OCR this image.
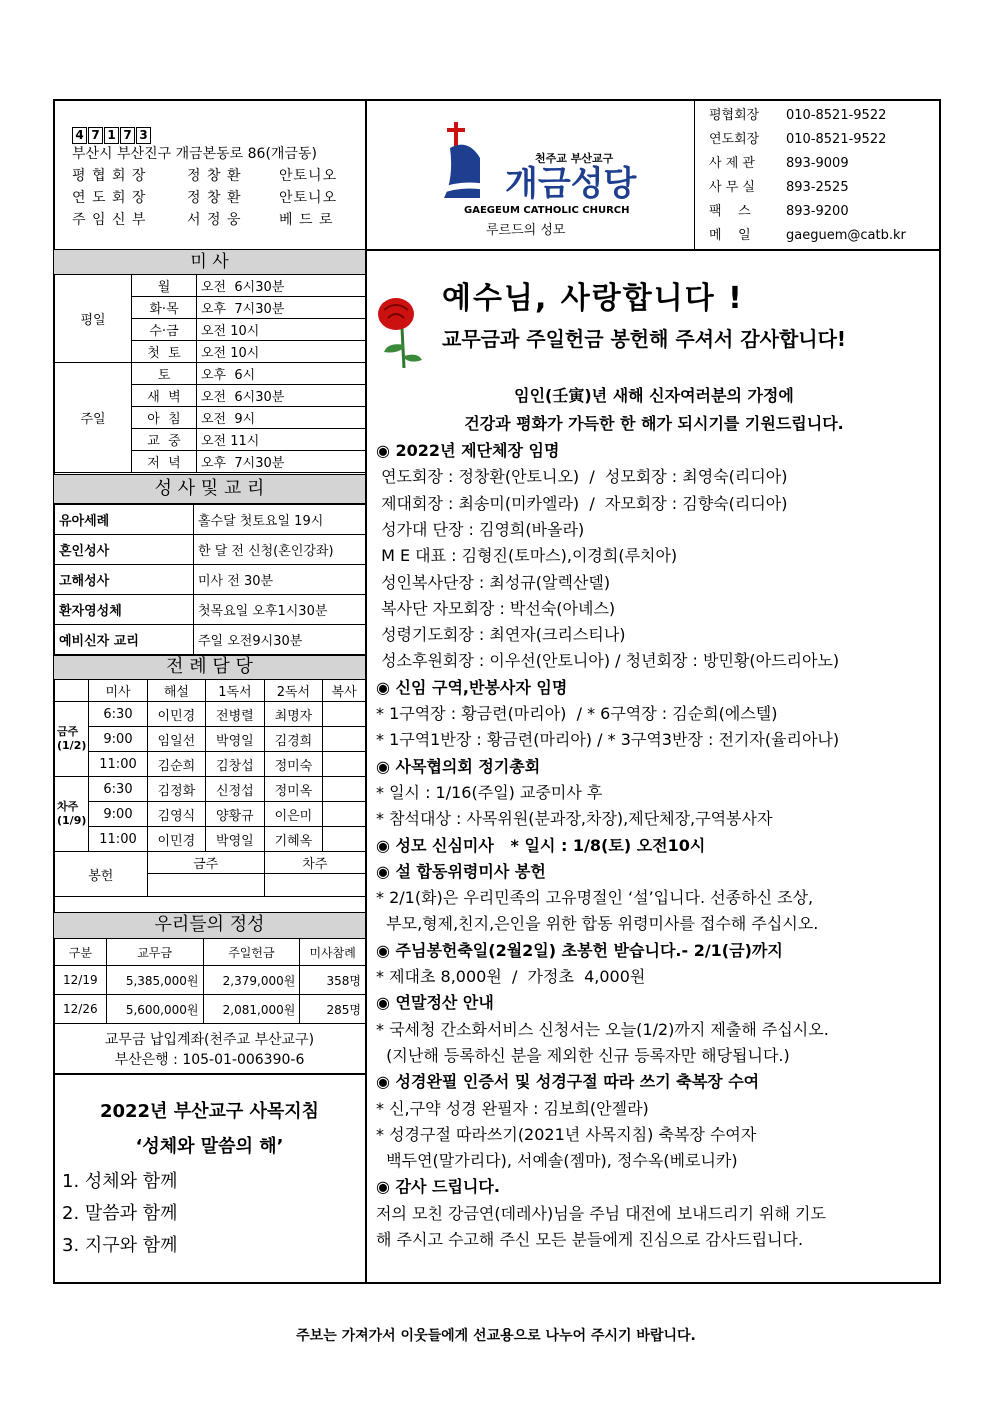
4 7 1 7 3
부산시 부산진구 개금본동로 86(개금동)	천주교 부산교구
개금성당
GAEGEUM CATHOLIC CHURCH
루르드의 성모
미 사
평일	월	오전  6시30분
	화·목	오후  7시30분
	수·금	오전 10시
	첫  토	오전 10시
주일	토	오후  6시
	새  벽	오전  6시30분
	아  침	오전  9시
	교  중	오전 11시
	저  녁	오후  7시30분
성 사 및 교 리
유아세례	홀수달 첫토요일 19시
혼인성사	한 달 전 신청(혼인강좌)
고해성사	미사 전 30분
환자영성체	첫목요일 오후1시30분
예비신자 교리	주일 오전9시30분
전 례 담 당
	미사	해설	1독서	2독서	복사
금주(1/2)	6:30	이민경	전병렬	최명자	
	9:00	임일선	박영일	김경희	
	11:00	김순희	김창섭	정미숙	
차주(1/9)	6:30	김정화	신정섭	정미옥	
	9:00	김영식	양황규	이은미	
	11:00	이민경	박영일	기혜옥	
봉헌		금주		차주	

우리들의 정성
구분	교무금	주일헌금	미사참례
12/19	5,385,000원	2,379,000원	358명
12/26	5,600,000원	2,081,000원	285명
교무금 납입계좌(천주교 부산교구)
부산은행 : 105-01-006390-6
2022년 부산교구 사목지침
‘성체와 말씀의 해’
예수님, 사랑합니다 !
교무금과 주일헌금 봉헌해 주셔서 감사합니다!
임인(壬寅)년 새해 신자여러분의 가정에
건강과 평화가 가득한 한 해가 되시기를 기원드립니다.
주보는 가져가서 이웃들에게 선교용으로 나누어 주시기 바랍니다.
평 협 회 장	정 창 환	안토니오
연 도 회 장	정 창 환	안토니오
주 임 신 부	서 정 웅	베 드 로
평협회장 010-8521-9522
연도회장 010-8521-9522
사 제 관 893-9009
사 무 실 893-2525
팩    스	893-9200
메    일	gaeguem@catb.kr
1. 성체와 함께
2. 말씀과 함께
3. 지구와 함께
◉ 2022년 제단체장 임명
연도회장 : 정창환(안토니오)  /  성모회장 : 최영숙(리디아)
제대회장 : 최송미(미카엘라)  /  자모회장 : 김향숙(리디아)
성가대 단장 : 김영희(바올라)
M E 대표 : 김형진(토마스),이경희(루치아)
성인복사단장 : 최성규(알렉산델)
복사단 자모회장 : 박선숙(아녜스)
성령기도회장 : 최연자(크리스티나)
성소후원회장 : 이우선(안토니아) / 청년회장 : 방민황(아드리아노)
◉ 신임 구역,반봉사자 임명
* 1구역장 : 황금련(마리아)  / * 6구역장 : 김순희(에스텔)
* 1구역1반장 : 황금련(마리아) / * 3구역3반장 : 전기자(율리아나)
◉ 사목협의회 정기총회
* 일시 : 1/16(주일) 교중미사 후
* 참석대상 : 사목위원(분과장,차장),제단체장,구역봉사자
◉ 성모 신심미사   * 일시 : 1/8(토) 오전10시
◉ 설 합동위령미사 봉헌
* 2/1(화)은 우리민족의 고유명절인 ‘설’입니다. 선종하신 조상,
부모,형제,친지,은인을 위한 합동 위령미사를 접수해 주십시오.
◉ 주님봉헌축일(2월2일) 초봉헌 받습니다.- 2/1(금)까지
* 제대초 8,000원  /  가정초  4,000원
◉ 연말정산 안내
* 국세청 간소화서비스 신청서는 오늘(1/2)까지 제출해 주십시오.
(지난해 등록하신 분을 제외한 신규 등록자만 해당됩니다.)
◉ 성경완필 인증서 및 성경구절 따라 쓰기 축복장 수여
* 신,구약 성경 완필자 : 김보희(안젤라)
* 성경구절 따라쓰기(2021년 사목지침) 축복장 수여자
백두연(말가리다), 서예솔(젬마), 정수옥(베로니카)
◉ 감사 드립니다.
저의 모친 강금연(데레사)님을 주님 대전에 보내드리기 위해 기도
해 주시고 수고해 주신 모든 분들에게 진심으로 감사드립니다.
